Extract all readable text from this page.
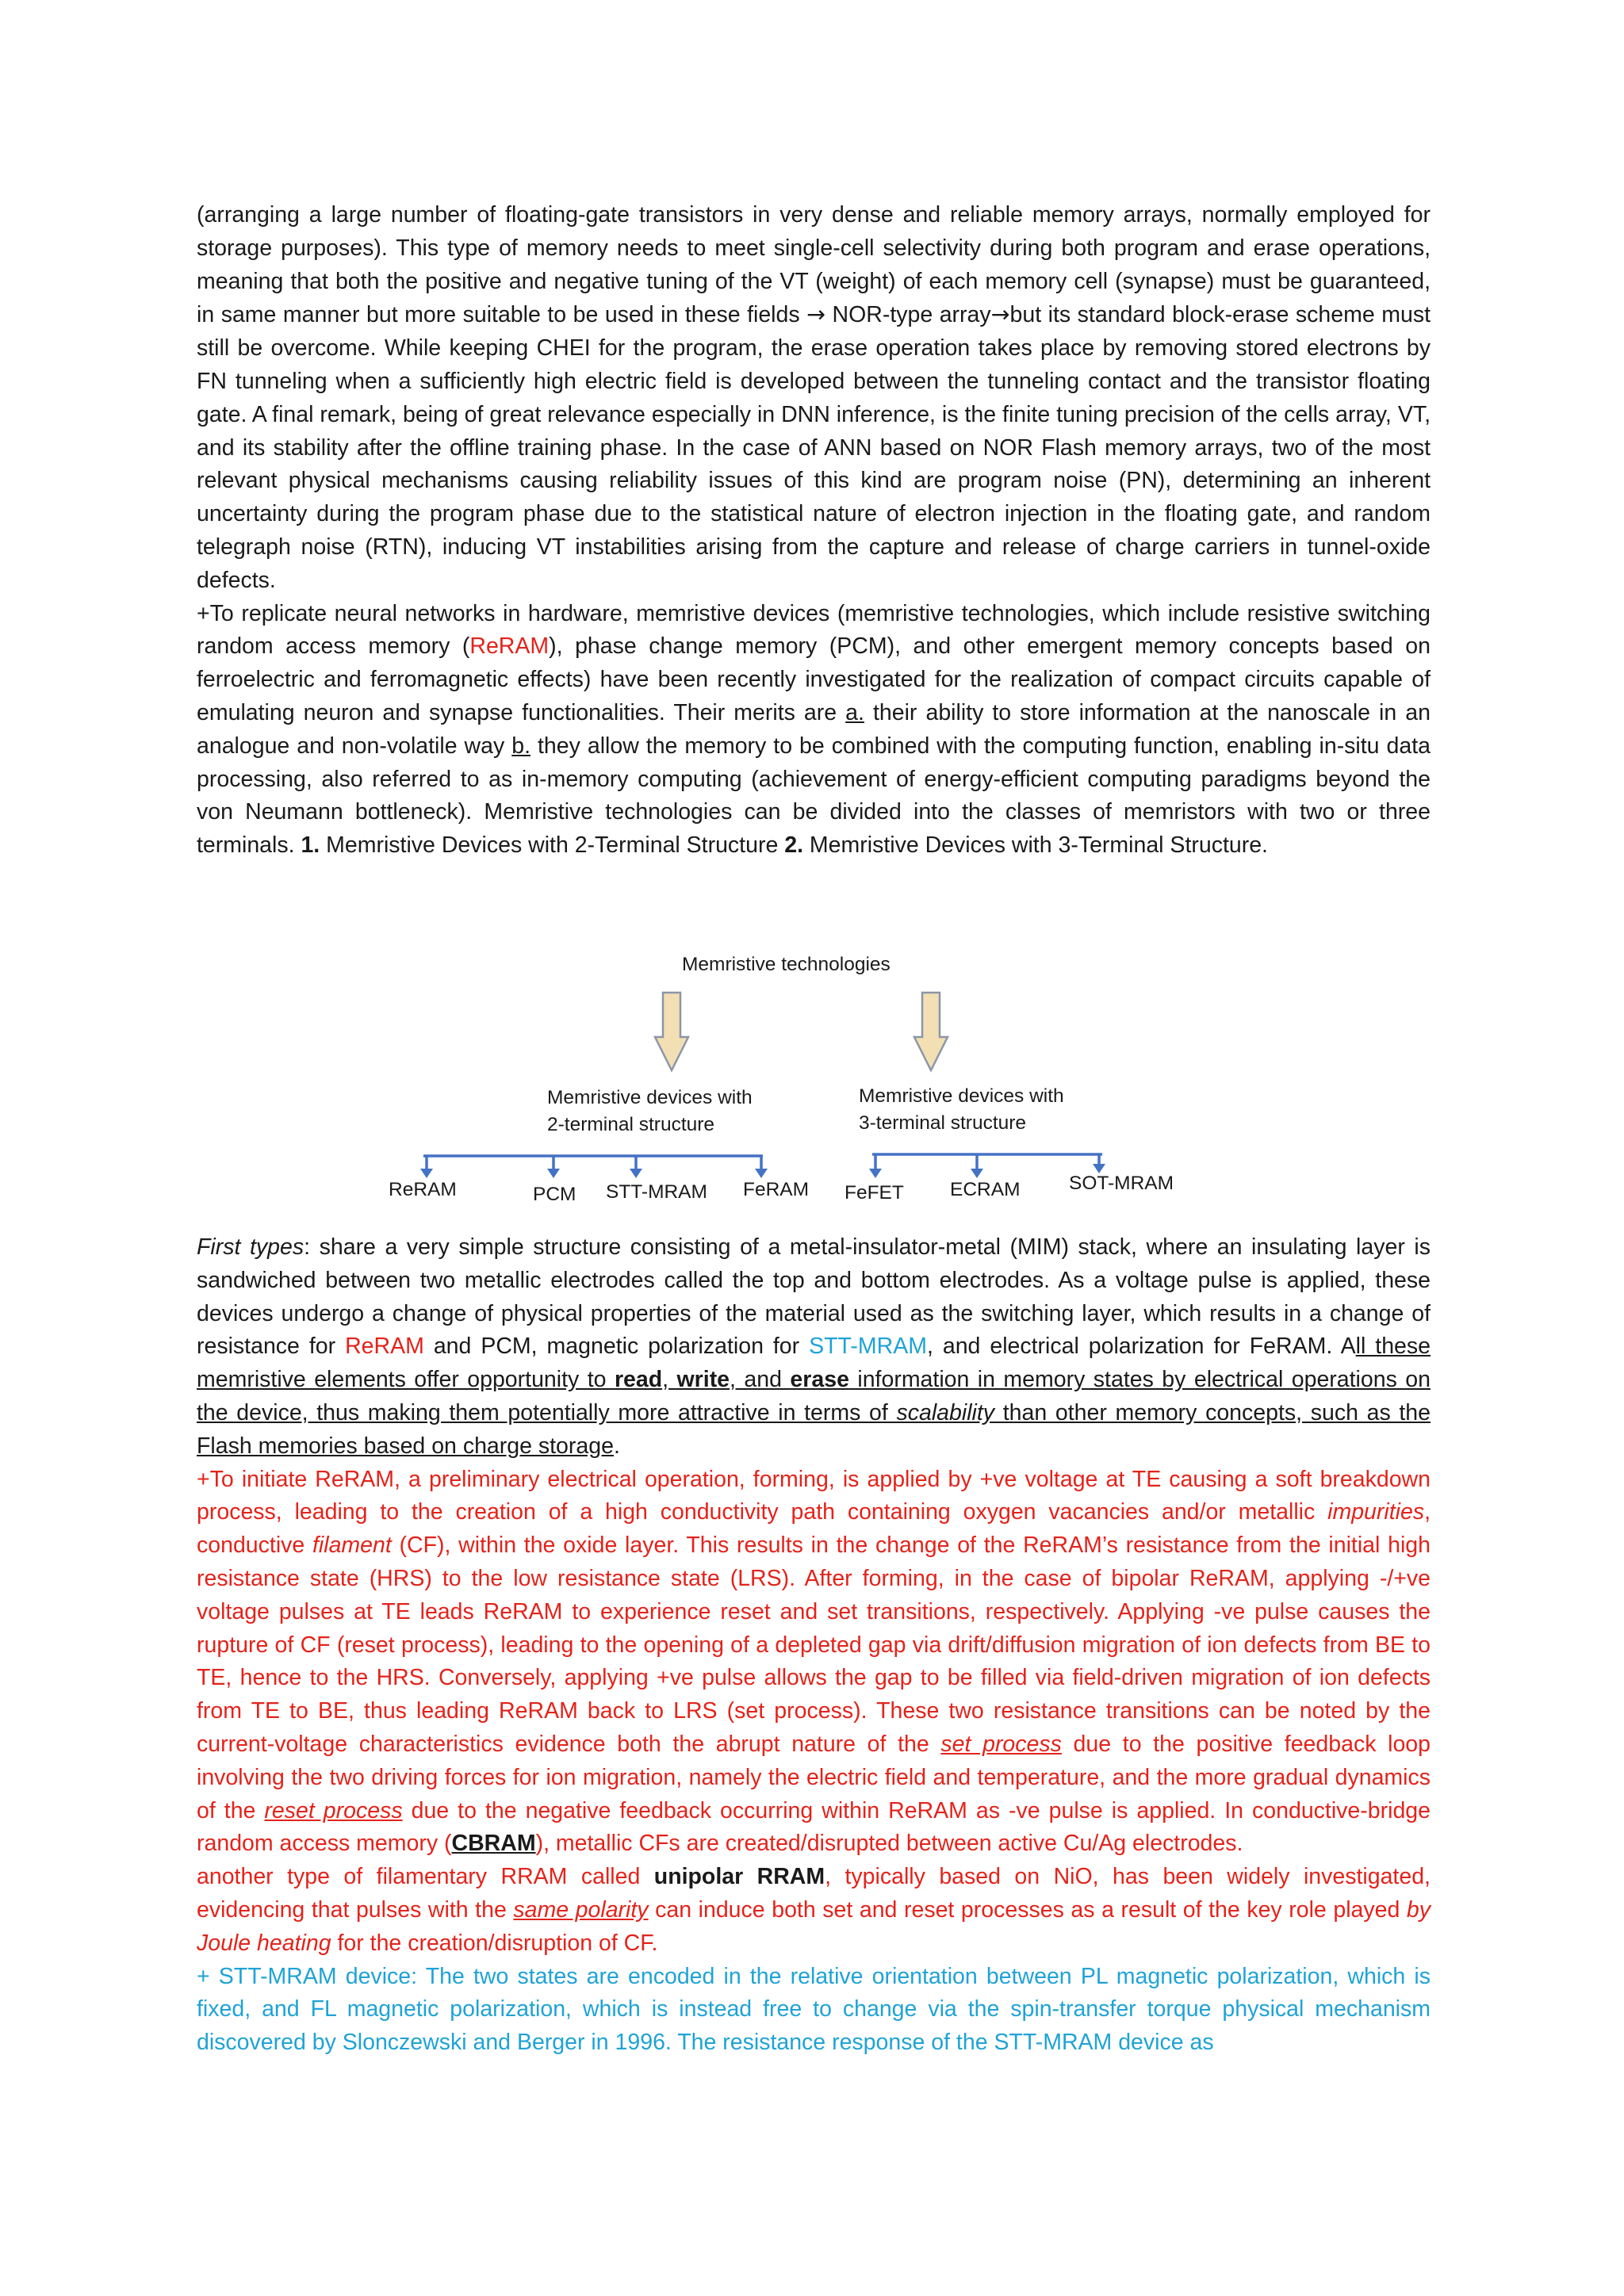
(arranging a large number of floating-gate transistors in very dense and reliable memory arrays, normally employed for storage purposes). This type of memory needs to meet single-cell selectivity during both program and erase operations, meaning that both the positive and negative tuning of the VT (weight) of each memory cell (synapse) must be guaranteed, in same manner but more suitable to be used in these fields → NOR-type array→but its standard block-erase scheme must still be overcome. While keeping CHEI for the program, the erase operation takes place by removing stored electrons by FN tunneling when a sufficiently high electric field is developed between the tunneling contact and the transistor floating gate. A final remark, being of great relevance especially in DNN inference, is the finite tuning precision of the cells array, VT, and its stability after the offline training phase. In the case of ANN based on NOR Flash memory arrays, two of the most relevant physical mechanisms causing reliability issues of this kind are program noise (PN), determining an inherent uncertainty during the program phase due to the statistical nature of electron injection in the floating gate, and random telegraph noise (RTN), inducing VT instabilities arising from the capture and release of charge carriers in tunnel-oxide defects.

+To replicate neural networks in hardware, memristive devices (memristive technologies, which include resistive switching random access memory (ReRAM), phase change memory (PCM), and other emergent memory concepts based on ferroelectric and ferromagnetic effects) have been recently investigated for the realization of compact circuits capable of emulating neuron and synapse functionalities. Their merits are a. their ability to store information at the nanoscale in an analogue and non-volatile way b. they allow the memory to be combined with the computing function, enabling in-situ data processing, also referred to as in-memory computing (achievement of energy-efficient computing paradigms beyond the von Neumann bottleneck). Memristive technologies can be divided into the classes of memristors with two or three terminals. 1. Memristive Devices with 2-Terminal Structure 2. Memristive Devices with 3-Terminal Structure.

Memristive technologies
Memristive devices with
2-terminal structure
Memristive devices with
3-terminal structure
ReRAM	PCM STT-MRAM FeRAM FeFET ECRAM	SOT-MRAM

First types: share a very simple structure consisting of a metal-insulator-metal (MIM) stack, where an insulating layer is sandwiched between two metallic electrodes called the top and bottom electrodes. As a voltage pulse is applied, these devices undergo a change of physical properties of the material used as the switching layer, which results in a change of resistance for ReRAM and PCM, magnetic polarization for STT-MRAM, and electrical polarization for FeRAM. All these memristive elements offer opportunity to read, write, and erase information in memory states by electrical operations on the device, thus making them potentially more attractive in terms of scalability than other memory concepts, such as the Flash memories based on charge storage.

+To initiate ReRAM, a preliminary electrical operation, forming, is applied by +ve voltage at TE causing a soft breakdown process, leading to the creation of a high conductivity path containing oxygen vacancies and/or metallic impurities, conductive filament (CF), within the oxide layer. This results in the change of the ReRAM’s resistance from the initial high resistance state (HRS) to the low resistance state (LRS). After forming, in the case of bipolar ReRAM, applying -/+ve voltage pulses at TE leads ReRAM to experience reset and set transitions, respectively. Applying -ve pulse causes the rupture of CF (reset process), leading to the opening of a depleted gap via drift/diffusion migration of ion defects from BE to TE, hence to the HRS. Conversely, applying +ve pulse allows the gap to be filled via field-driven migration of ion defects from TE to BE, thus leading ReRAM back to LRS (set process). These two resistance transitions can be noted by the current-voltage characteristics evidence both the abrupt nature of the set process due to the positive feedback loop involving the two driving forces for ion migration, namely the electric field and temperature, and the more gradual dynamics of the reset process due to the negative feedback occurring within ReRAM as -ve pulse is applied. In conductive-bridge random access memory (CBRAM), metallic CFs are created/disrupted between active Cu/Ag electrodes.

another type of filamentary RRAM called unipolar RRAM, typically based on NiO, has been widely investigated, evidencing that pulses with the same polarity can induce both set and reset processes as a result of the key role played by Joule heating for the creation/disruption of CF.

+ STT-MRAM device: The two states are encoded in the relative orientation between PL magnetic polarization, which is fixed, and FL magnetic polarization, which is instead free to change via the spin-transfer torque physical mechanism discovered by Slonczewski and Berger in 1996. The resistance response of the STT-MRAM device as
